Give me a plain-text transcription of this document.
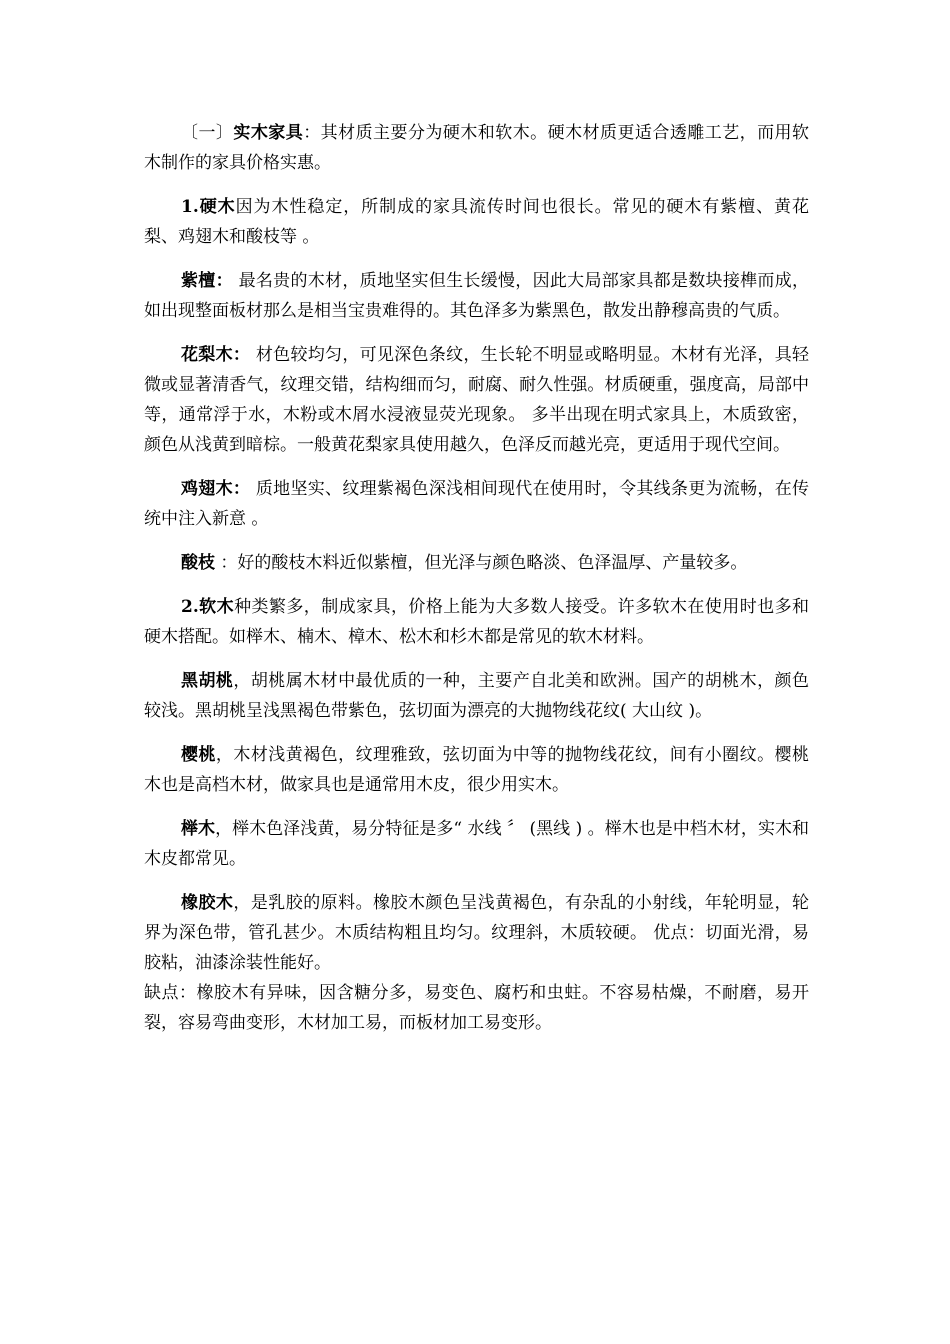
〔一〕实木家具：其材质主要分为硬木和软木。硬木材质更适合透雕工艺，而用软木制作的家具价格实惠。

1.硬木因为木性稳定，所制成的家具流传时间也很长。常见的硬木有紫檀、黄花梨、鸡翅木和酸枝等 。

紫檀： 最名贵的木材，质地坚实但生长缓慢，因此大局部家具都是数块接榫而成，如出现整面板材那么是相当宝贵难得的。其色泽多为紫黑色，散发出静穆高贵的气质。

花梨木： 材色较均匀，可见深色条纹，生长轮不明显或略明显。木材有光泽，具轻微或显著清香气，纹理交错，结构细而匀，耐腐、耐久性强。材质硬重，强度高，局部中等，通常浮于水，木粉或木屑水浸液显荧光现象。 多半出现在明式家具上，木质致密，颜色从浅黄到暗棕。一般黄花梨家具使用越久，色泽反而越光亮，更适用于现代空间。

鸡翅木： 质地坚实、纹理紫褐色深浅相间现代在使用时，令其线条更为流畅，在传统中注入新意 。

酸枝 ：好的酸枝木料近似紫檀，但光泽与颜色略淡、色泽温厚、产量较多。

2.软木种类繁多，制成家具，价格上能为大多数人接受。许多软木在使用时也多和硬木搭配。如榉木、楠木、樟木、松木和杉木都是常见的软木材料。

黑胡桃，胡桃属木材中最优质的一种，主要产自北美和欧洲。国产的胡桃木，颜色较浅。黑胡桃呈浅黑褐色带紫色，弦切面为漂亮的大抛物线花纹( 大山纹 )。

樱桃，木材浅黄褐色，纹理雅致，弦切面为中等的抛物线花纹，间有小圈纹。樱桃木也是高档木材，做家具也是通常用木皮，很少用实木。

榉木，榉木色泽浅黄，易分特征是多“ 水线 〞 (黑线 ) 。榉木也是中档木材，实木和木皮都常见。

橡胶木，是乳胶的原料。橡胶木颜色呈浅黄褐色，有杂乱的小射线，年轮明显，轮界为深色带，管孔甚少。木质结构粗且均匀。纹理斜，木质较硬。 优点：切面光滑，易胶粘，油漆涂装性能好。

缺点：橡胶木有异味，因含糖分多，易变色、腐朽和虫蛀。不容易枯燥，不耐磨，易开裂，容易弯曲变形，木材加工易，而板材加工易变形。
